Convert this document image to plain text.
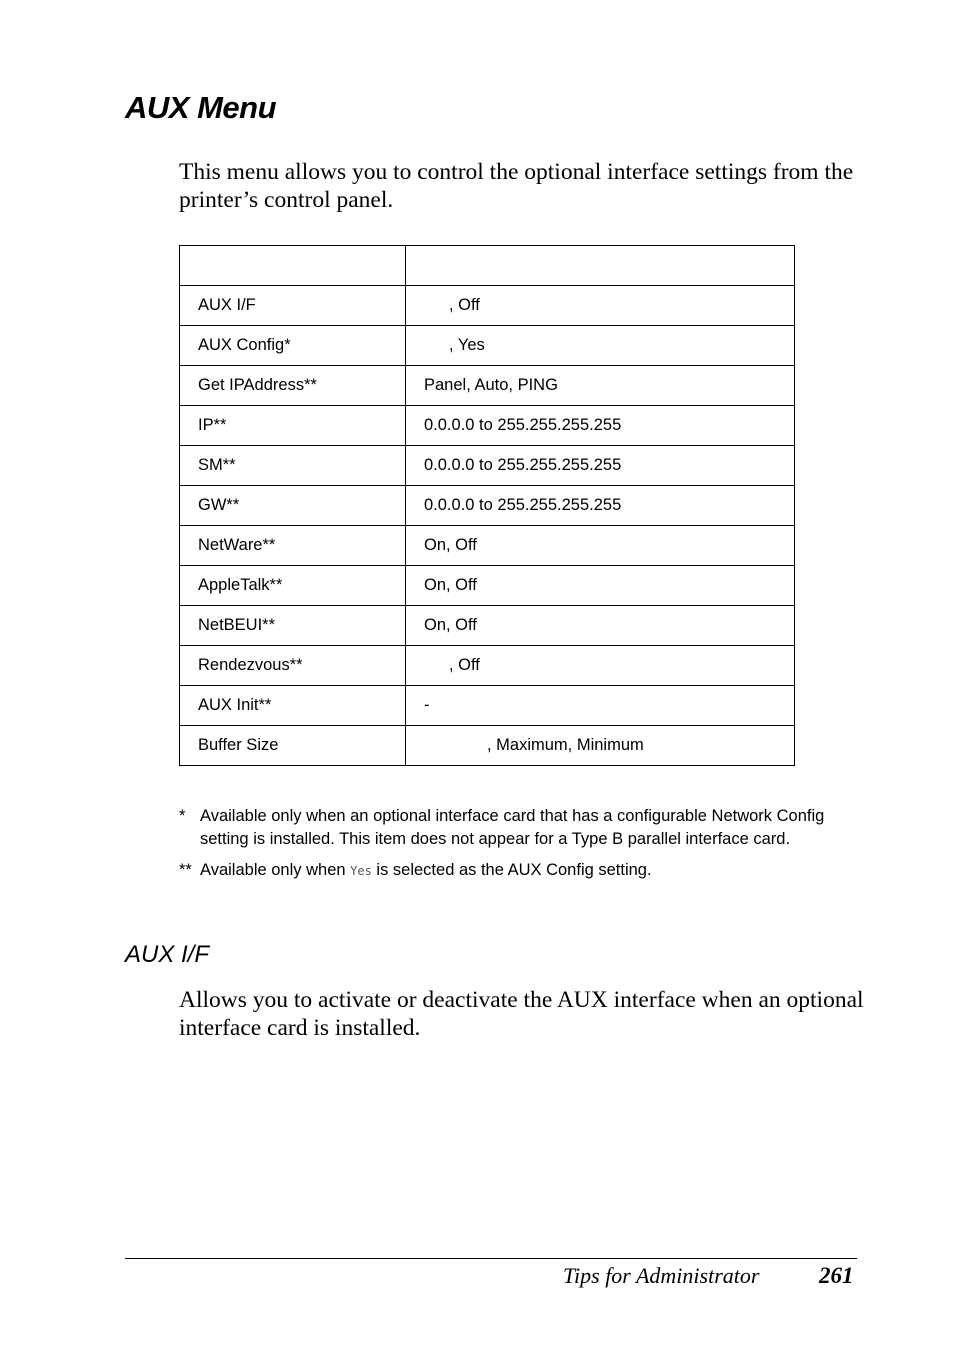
AUX Menu

This menu allows you to control the optional interface settings from the printer’s control panel.

AUX I/F	, Off
AUX Config*	, Yes
Get IPAddress**	Panel, Auto, PING
IP**	0.0.0.0 to 255.255.255.255
SM**	0.0.0.0 to 255.255.255.255
GW**	0.0.0.0 to 255.255.255.255
NetWare**	On, Off
AppleTalk**	On, Off
NetBEUI**	On, Off
Rendezvous**	, Off
AUX Init**	-
Buffer Size	, Maximum, Minimum
* Available only when an optional interface card that has a configurable Network Config setting is installed. This item does not appear for a Type B parallel interface card.
** Available only when Yes is selected as the AUX Config setting.
AUX I/F

Allows you to activate or deactivate the AUX interface when an optional interface card is installed.

Tips for Administrator	261
